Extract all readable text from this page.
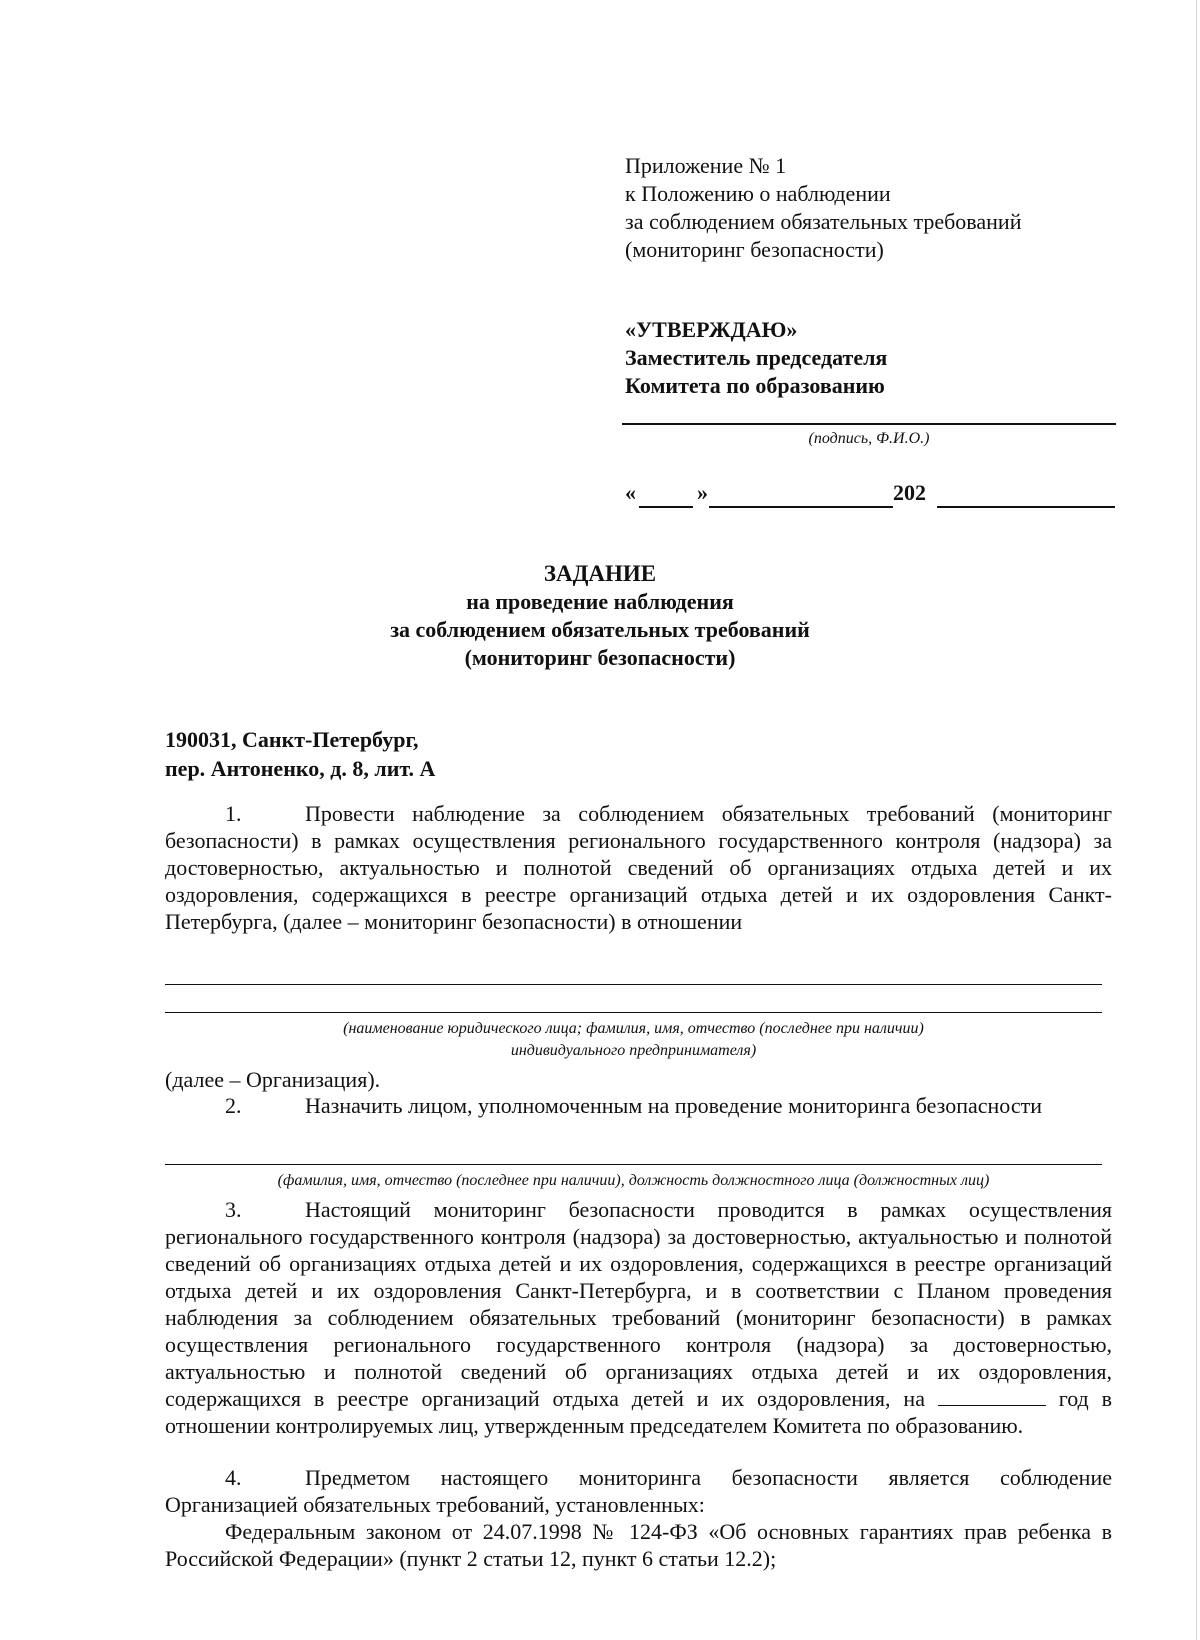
Приложение № 1
к Положению о наблюдении
за соблюдением обязательных требований
(мониторинг безопасности)
«УТВЕРЖДАЮ»
Заместитель председателя
Комитета по образованию
(подпись, Ф.И.О.)
«	»	202
ЗАДАНИЕ
на проведение наблюдения
за соблюдением обязательных требований
(мониторинг безопасности)
190031, Санкт-Петербург,
пер. Антоненко, д. 8, лит. А
1.	Провести наблюдение за соблюдением обязательных требований (мониторинг безопасности) в рамках осуществления регионального государственного контроля (надзора) за достоверностью, актуальностью и полнотой сведений об организациях отдыха детей и их оздоровления, содержащихся в реестре организаций отдыха детей и их оздоровления Санкт-Петербурга, (далее – мониторинг безопасности) в отношении
(наименование юридического лица; фамилия, имя, отчество (последнее при наличии)
индивидуального предпринимателя)
(далее – Организация).
2.	Назначить лицом, уполномоченным на проведение мониторинга безопасности
(фамилия, имя, отчество (последнее при наличии), должность должностного лица (должностных лиц)
3.	Настоящий мониторинг безопасности проводится в рамках осуществления регионального государственного контроля (надзора) за достоверностью, актуальностью и полнотой сведений об организациях отдыха детей и их оздоровления, содержащихся в реестре организаций отдыха детей и их оздоровления Санкт-Петербурга, и в соответствии с Планом проведения наблюдения за соблюдением обязательных требований (мониторинг безопасности) в рамках осуществления регионального государственного контроля (надзора) за достоверностью, актуальностью и полнотой сведений об организациях отдыха детей и их оздоровления, содержащихся в реестре организаций отдыха детей и их оздоровления, на	год в отношении контролируемых лиц, утвержденным председателем Комитета по образованию.
4.	Предметом настоящего мониторинга безопасности является соблюдение Организацией обязательных требований, установленных:
Федеральным законом от 24.07.1998 № 124-ФЗ «Об основных гарантиях прав ребенка в Российской Федерации» (пункт 2 статьи 12, пункт 6 статьи 12.2);
